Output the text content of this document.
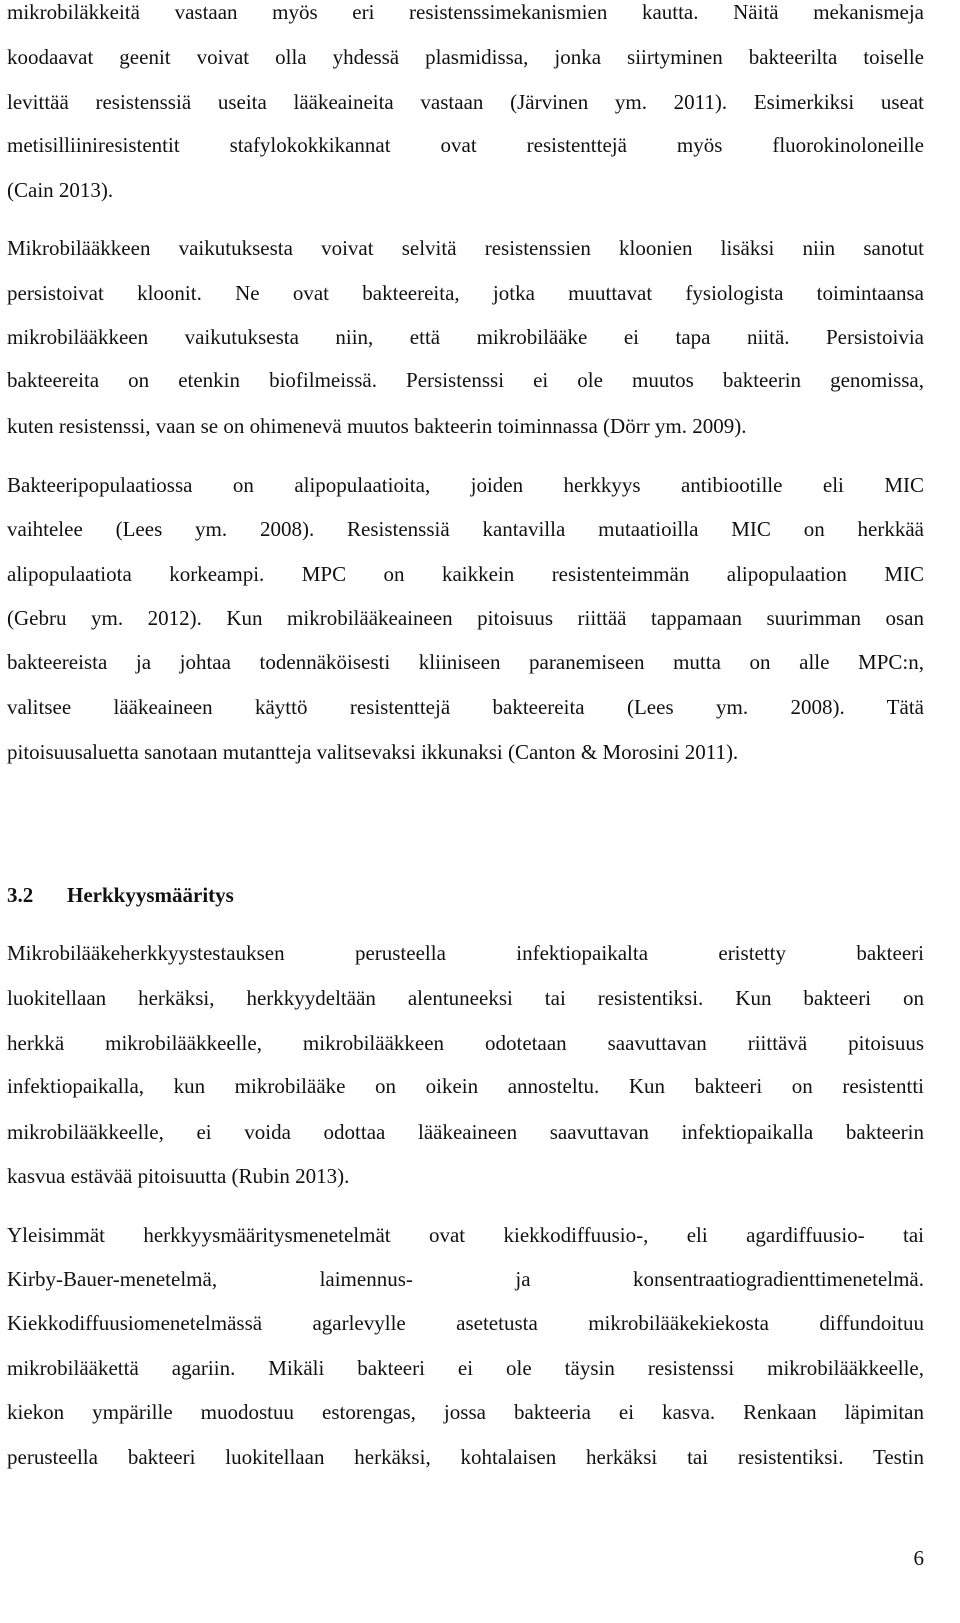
mikrobiläkkeitä vastaan myös eri resistenssimekanismien kautta. Näitä mekanismeja
koodaavat geenit voivat olla yhdessä plasmidissa, jonka siirtyminen bakteerilta toiselle
levittää resistenssiä useita lääkeaineita vastaan (Järvinen ym. 2011). Esimerkiksi useat
metisilliiniresistentit stafylokokkikannat ovat resistenttejä myös fluorokinoloneille
(Cain 2013).
Mikrobilääkkeen vaikutuksesta voivat selvitä resistenssien kloonien lisäksi niin sanotut
persistoivat kloonit. Ne ovat bakteereita, jotka muuttavat fysiologista toimintaansa
mikrobilääkkeen vaikutuksesta niin, että mikrobilääke ei tapa niitä. Persistoivia
bakteereita on etenkin biofilmeissä. Persistenssi ei ole muutos bakteerin genomissa,
kuten resistenssi, vaan se on ohimenevä muutos bakteerin toiminnassa (Dörr ym. 2009).
Bakteeripopulaatiossa on alipopulaatioita, joiden herkkyys antibiootille eli MIC
vaihtelee (Lees ym. 2008). Resistenssiä kantavilla mutaatioilla MIC on herkkää
alipopulaatiota korkeampi. MPC on kaikkein resistenteimmän alipopulaation MIC
(Gebru ym. 2012). Kun mikrobilääkeaineen pitoisuus riittää tappamaan suurimman osan
bakteereista ja johtaa todennäköisesti kliiniseen paranemiseen mutta on alle MPC:n,
valitsee lääkeaineen käyttö resistenttejä bakteereita (Lees ym. 2008). Tätä
pitoisuusaluetta sanotaan mutantteja valitsevaksi ikkunaksi (Canton & Morosini 2011).
3.2 Herkkyysmääritys
Mikrobilääkeherkkyystestauksen perusteella infektiopaikalta eristetty bakteeri
luokitellaan herkäksi, herkkyydeltään alentuneeksi tai resistentiksi. Kun bakteeri on
herkkä mikrobilääkkeelle, mikrobilääkkeen odotetaan saavuttavan riittävä pitoisuus
infektiopaikalla, kun mikrobilääke on oikein annosteltu. Kun bakteeri on resistentti
mikrobilääkkeelle, ei voida odottaa lääkeaineen saavuttavan infektiopaikalla bakteerin
kasvua estävää pitoisuutta (Rubin 2013).
Yleisimmät herkkyysmääritysmenetelmät ovat kiekkodiffuusio-, eli agardiffuusio- tai
Kirby-Bauer-menetelmä, laimennus- ja konsentraatiogradienttimenetelmä.
Kiekkodiffuusiomenetelmässä agarlevylle asetetusta mikrobilääkekiekosta diffundoituu
mikrobilääkettä agariin. Mikäli bakteeri ei ole täysin resistenssi mikrobilääkkeelle,
kiekon ympärille muodostuu estorengas, jossa bakteeria ei kasva. Renkaan läpimitan
perusteella bakteeri luokitellaan herkäksi, kohtalaisen herkäksi tai resistentiksi. Testin
6
